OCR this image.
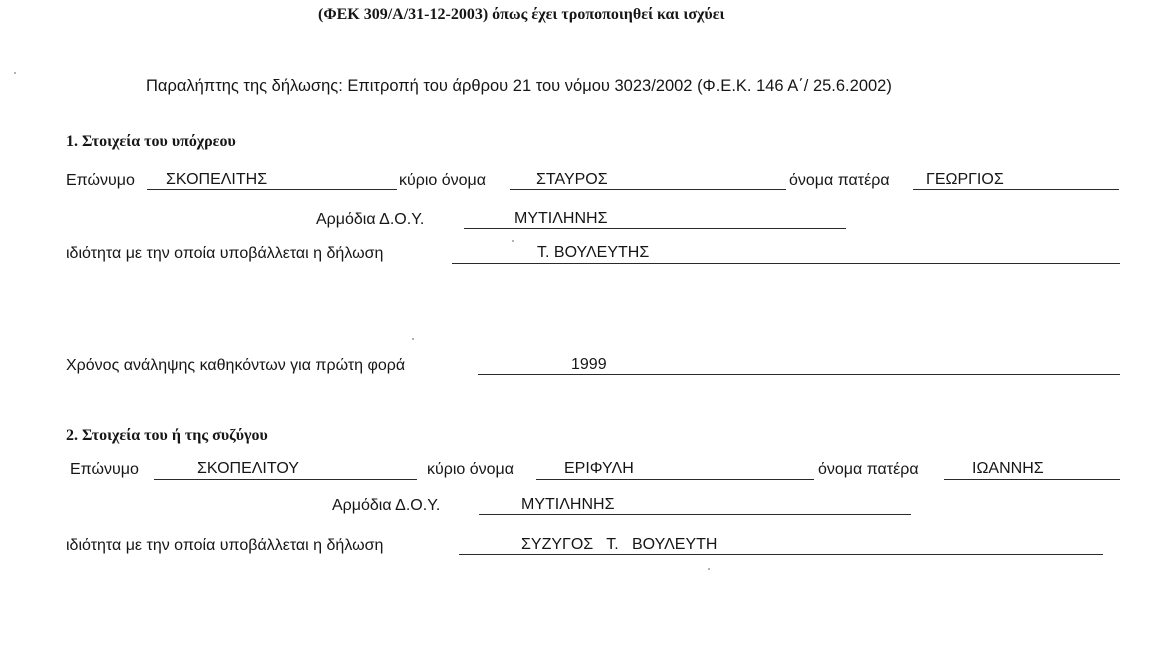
(ΦΕΚ 309/Α/31-12-2003) όπως έχει τροποποιηθεί και ισχύει
Παραλήπτης της δήλωσης: Επιτροπή του άρθρου 21 του νόμου 3023/2002 (Φ.Ε.Κ. 146 Α΄/ 25.6.2002)
1. Στοιχεία του υπόχρεου
Επώνυμο ΣΚΟΠΕΛΙΤΗΣ	κύριο όνομα	ΣΤΑΥΡΟΣ	όνομα πατέρα ΓΕΩΡΓΙΟΣ
Αρμόδια Δ.Ο.Υ.	ΜΥΤΙΛΗΝΗΣ
ιδιότητα με την οποία υποβάλλεται η δήλωση	Τ. ΒΟΥΛΕΥΤΗΣ
Χρόνος ανάληψης καθηκόντων για πρώτη φορά	1999
2. Στοιχεία του ή της συζύγου
Επώνυμο	ΣΚΟΠΕΛΙΤΟΥ	κύριο όνομα	ΕΡΙΦΥΛΗ	όνομα πατέρα	ΙΩΑΝΝΗΣ
Αρμόδια Δ.Ο.Υ.	ΜΥΤΙΛΗΝΗΣ
ιδιότητα με την οποία υποβάλλεται η δήλωση	ΣΥΖΥΓΟΣ   Τ.   ΒΟΥΛΕΥΤΗ
